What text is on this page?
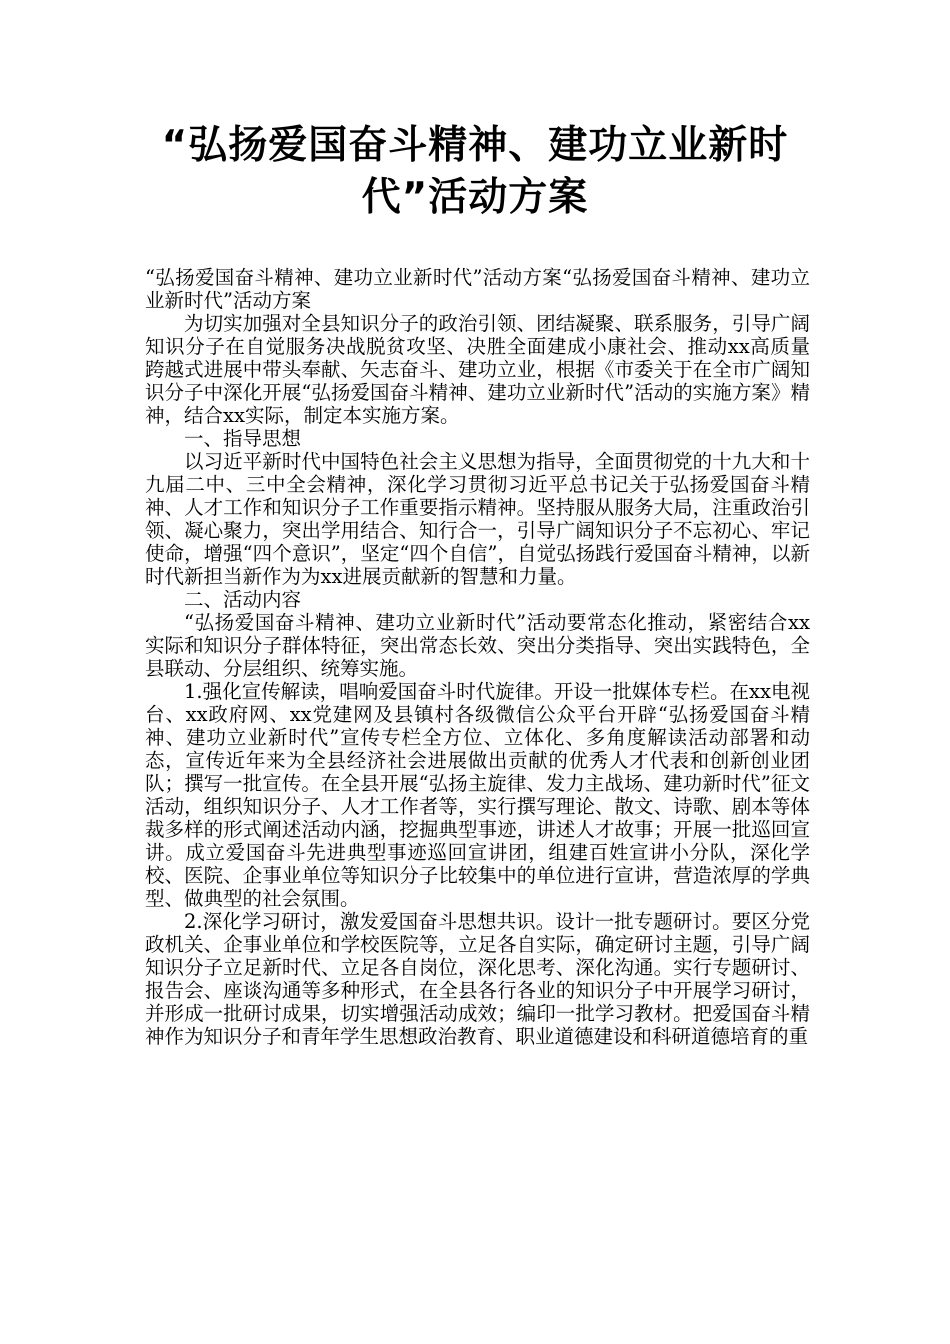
“弘扬爱国奋斗精神、建功立业新时
代”活动方案

“弘扬爱国奋斗精神、建功立业新时代”活动方案“弘扬爱国奋斗精神、建功立业新时代”活动方案

为切实加强对全县知识分子的政治引领、团结凝聚、联系服务，引导广阔知识分子在自觉服务决战脱贫攻坚、决胜全面建成小康社会、推动xx高质量跨越式进展中带头奉献、矢志奋斗、建功立业，根据《市委关于在全市广阔知识分子中深化开展“弘扬爱国奋斗精神、建功立业新时代”活动的实施方案》精神，结合xx实际，制定本实施方案。

一、指导思想

以习近平新时代中国特色社会主义思想为指导，全面贯彻党的十九大和十九届二中、三中全会精神，深化学习贯彻习近平总书记关于弘扬爱国奋斗精神、人才工作和知识分子工作重要指示精神。坚持服从服务大局，注重政治引领、凝心聚力，突出学用结合、知行合一，引导广阔知识分子不忘初心、牢记使命，增强“四个意识”，坚定“四个自信”，自觉弘扬践行爱国奋斗精神，以新时代新担当新作为为xx进展贡献新的智慧和力量。

二、活动内容

“弘扬爱国奋斗精神、建功立业新时代”活动要常态化推动，紧密结合xx实际和知识分子群体特征，突出常态长效、突出分类指导、突出实践特色，全县联动、分层组织、统筹实施。

1.强化宣传解读，唱响爱国奋斗时代旋律。开设一批媒体专栏。在xx电视台、xx政府网、xx党建网及县镇村各级微信公众平台开辟“弘扬爱国奋斗精神、建功立业新时代”宣传专栏全方位、立体化、多角度解读活动部署和动态，宣传近年来为全县经济社会进展做出贡献的优秀人才代表和创新创业团队；撰写一批宣传。在全县开展“弘扬主旋律、发力主战场、建功新时代”征文活动，组织知识分子、人才工作者等，实行撰写理论、散文、诗歌、剧本等体裁多样的形式阐述活动内涵，挖掘典型事迹，讲述人才故事；开展一批巡回宣讲。成立爱国奋斗先进典型事迹巡回宣讲团，组建百姓宣讲小分队，深化学校、医院、企事业单位等知识分子比较集中的单位进行宣讲，营造浓厚的学典型、做典型的社会氛围。

2.深化学习研讨，激发爱国奋斗思想共识。设计一批专题研讨。要区分党政机关、企事业单位和学校医院等，立足各自实际，确定研讨主题，引导广阔知识分子立足新时代、立足各自岗位，深化思考、深化沟通。实行专题研讨、报告会、座谈沟通等多种形式，在全县各行各业的知识分子中开展学习研讨，并形成一批研讨成果，切实增强活动成效；编印一批学习教材。把爱国奋斗精神作为知识分子和青年学生思想政治教育、职业道德建设和科研道德培育的重
